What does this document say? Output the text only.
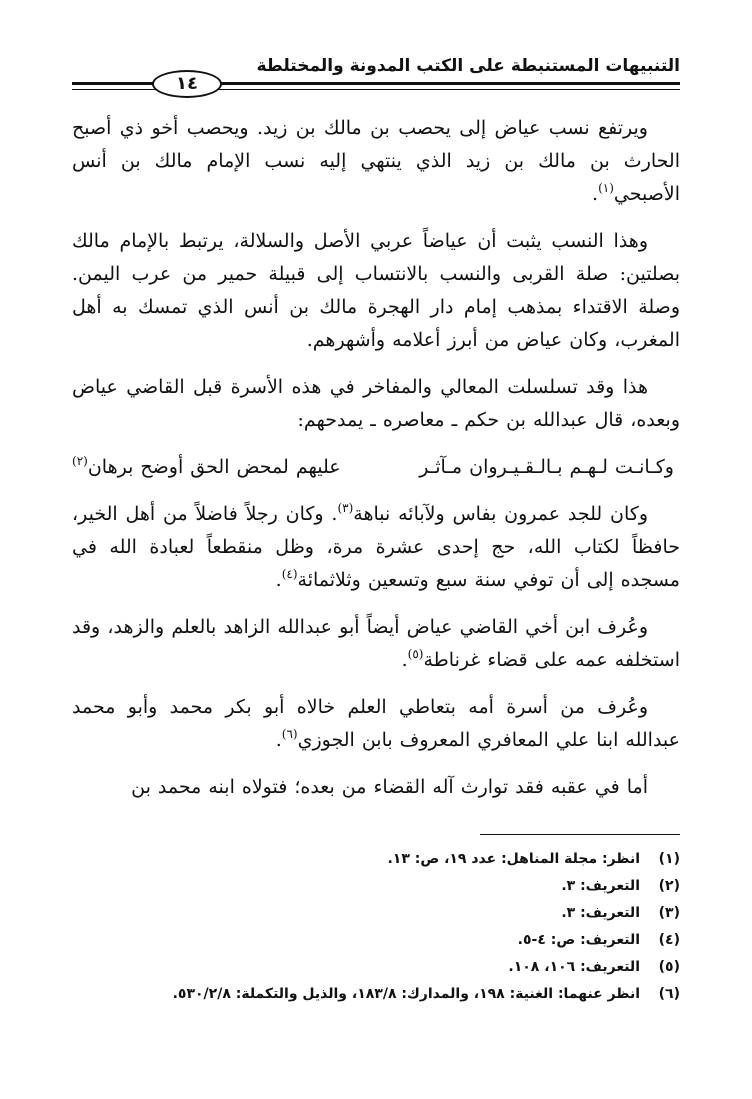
التنبيهات المستنبطة على الكتب المدونة والمختلطة
١٤

ويرتفع نسب عياض إلى يحصب بن مالك بن زيد. ويحصب أخو ذي أصبح الحارث بن مالك بن زيد الذي ينتهي إليه نسب الإمام مالك بن أنس الأصبحي$^{(١)}$.

وهذا النسب يثبت أن عياضاً عربي الأصل والسلالة، يرتبط بالإمام مالك بصلتين: صلة القربى والنسب بالانتساب إلى قبيلة حمير من عرب اليمن. وصلة الاقتداء بمذهب إمام دار الهجرة مالك بن أنس الذي تمسك به أهل المغرب، وكان عياض من أبرز أعلامه وأشهرهم.

هذا وقد تسلسلت المعالي والمفاخر في هذه الأسرة قبل القاضي عياض وبعده، قال عبدالله بن حكم ـ معاصره ـ يمدحهم:

وكـانـت لـهـم بـالـقـيـروان مـآثـر
عليهم لمحض الحق أوضح برهان$^{(٢)}$

وكان للجد عمرون بفاس ولآبائه نباهة$^{(٣)}$. وكان رجلاً فاضلاً من أهل الخير، حافظاً لكتاب الله، حج إحدى عشرة مرة، وظل منقطعاً لعبادة الله في مسجده إلى أن توفي سنة سبع وتسعين وثلاثمائة$^{(٤)}$.

وعُرف ابن أخي القاضي عياض أيضاً أبو عبدالله الزاهد بالعلم والزهد، وقد استخلفه عمه على قضاء غرناطة$^{(٥)}$.

وعُرف من أسرة أمه بتعاطي العلم خالاه أبو بكر محمد وأبو محمد عبدالله ابنا علي المعافري المعروف بابن الجوزي$^{(٦)}$.

أما في عقبه فقد توارث آله القضاء من بعده؛ فتولاه ابنه محمد بن

(١)
انظر: مجلة المناهل: عدد ١٩، ص: ١٣.
(٢)
التعريف: ٣.
(٣)
التعريف: ٣.
(٤)
التعريف: ص: ٤-٥.
(٥)
التعريف: ١٠٦، ١٠٨.
(٦)
انظر عنهما: الغنية: ١٩٨، والمدارك: ١٨٣/٨، والذيل والتكملة: ٥٣٠/٢/٨.
